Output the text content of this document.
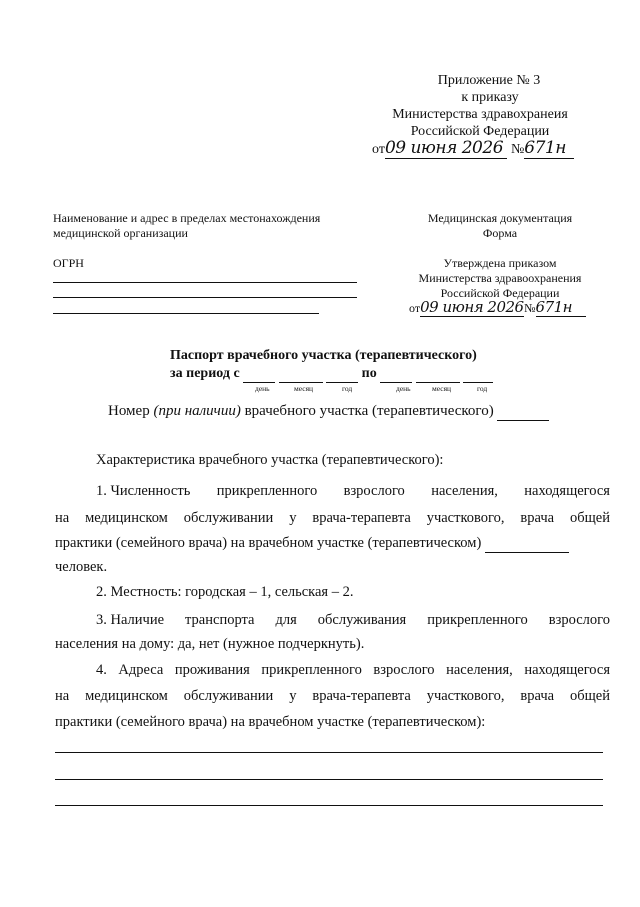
Приложение № 3
к приказу
Министерства здравохранеия
Российской Федерации
от09 июня 2026 №671н
Наименование и адрес в пределах местонахождения
медицинской организации
ОГРН
Медицинская документация
Форма
Утверждена приказом
Министерства здравоохранения
Российской Федерации
от09 июня 2026№671н
Паспорт врачебного участка (терапевтического)
за период с	по
день	месяц	год	день	месяц	год
Номер (при наличии) врачебного участка (терапевтического)
Характеристика врачебного участка (терапевтического):
1. Численность прикрепленного взрослого населения, находящегося
на медицинском обслуживании у врача-терапевта участкового, врача общей
практики (семейного врача) на врачебном участке (терапевтическом)
человек.
2. Местность: городская – 1, сельская – 2.
3. Наличие транспорта для обслуживания прикрепленного взрослого
населения на дому: да, нет (нужное подчеркнуть).
4. Адреса проживания прикрепленного взрослого населения, находящегося
на медицинском обслуживании у врача-терапевта участкового, врача общей
практики (семейного врача) на врачебном участке (терапевтическом):
